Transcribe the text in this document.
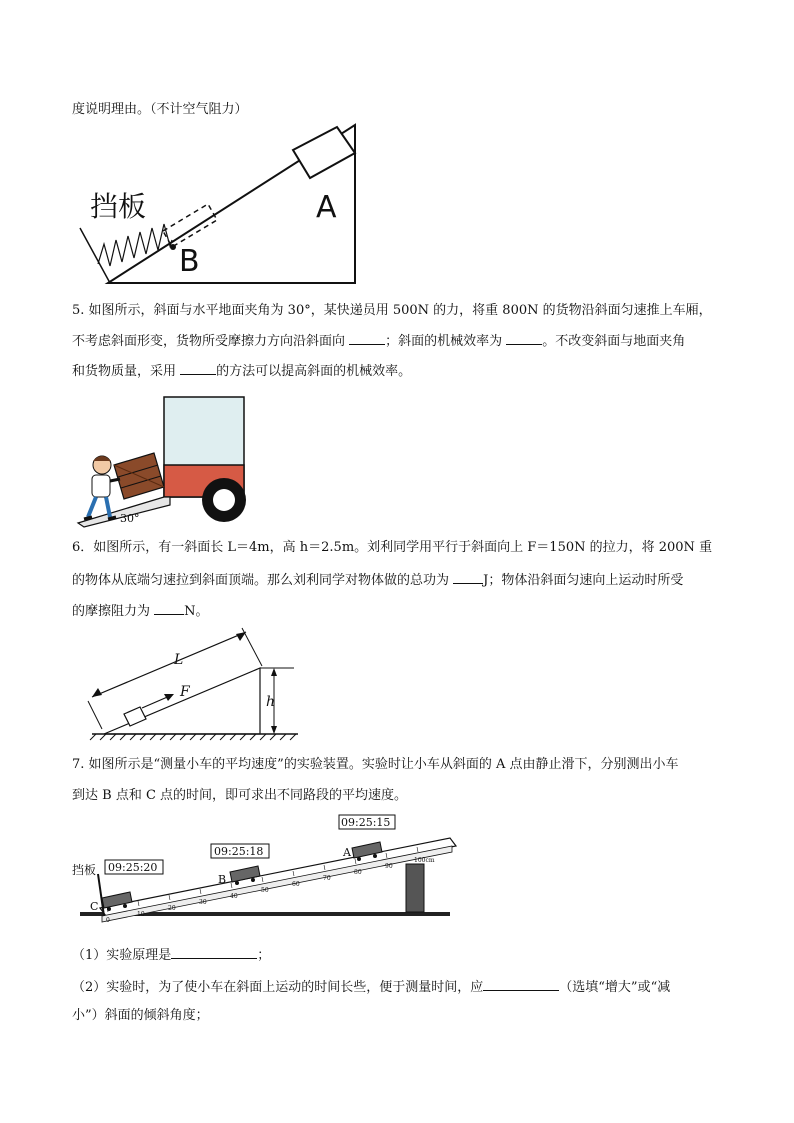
度说明理由。（不计空气阻力）
挡板	A
B
5. 如图所示，斜面与水平地面夹角为 30°，某快递员用 500N 的力，将重 800N 的货物沿斜面匀速推上车厢，
不考虑斜面形变，货物所受摩擦力方向沿斜面向	；斜面的机械效率为	。不改变斜面与地面夹角
和货物质量，采用	的方法可以提高斜面的机械效率。
30°
6．如图所示，有一斜面长 L＝4m，高 h＝2.5m。刘利同学用平行于斜面向上 F＝150N 的拉力，将 200N 重
的物体从底端匀速拉到斜面顶端。那么刘利同学对物体做的总功为 J；物体沿斜面匀速向上运动时所受
的摩擦阻力为 N。
L
F
h
7. 如图所示是“测量小车的平均速度”的实验装置。实验时让小车从斜面的 A 点由静止滑下，分别测出小车
到达 B 点和 C 点的时间，即可求出不同路段的平均速度。
0
10
20
30
40
50
60
70
80
90
100cm
09:25:20
09:25:18
09:25:15
挡板
C
B
A
（1）实验原理是	；
（2）实验时，为了使小车在斜面上运动的时间长些，便于测量时间，应	（选填“增大”或“减
小”）斜面的倾斜角度；
